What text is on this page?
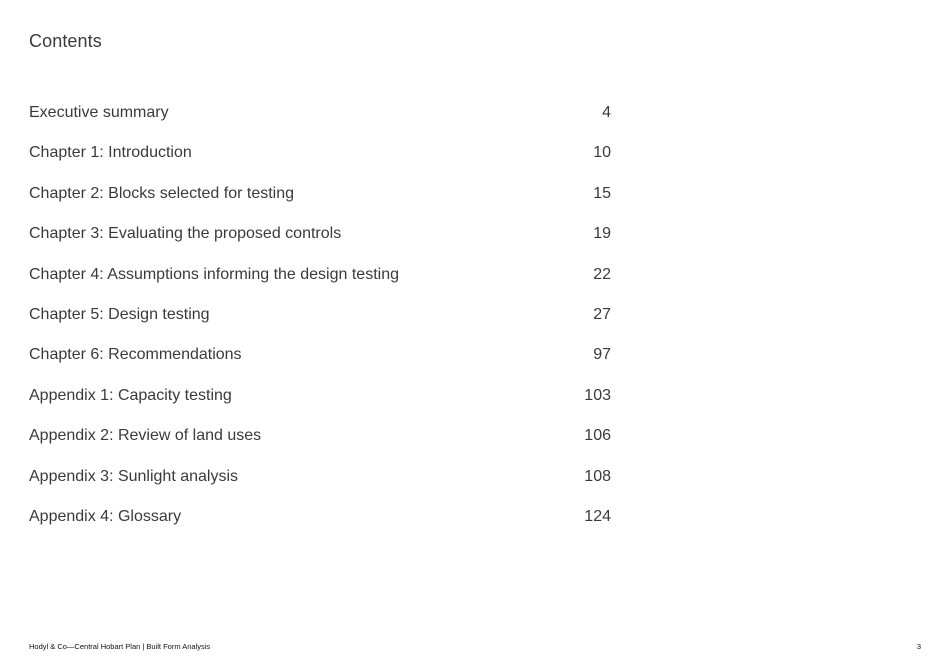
Contents
Executive summary	4
Chapter 1: Introduction	10
Chapter 2: Blocks selected for testing	15
Chapter 3: Evaluating the proposed controls	19
Chapter 4: Assumptions informing the design testing	22
Chapter 5: Design testing	27
Chapter 6: Recommendations	97
Appendix 1: Capacity testing	103
Appendix 2: Review of land uses	106
Appendix 3: Sunlight analysis	108
Appendix 4: Glossary	124
Hodyl & Co—Central Hobart Plan | Built Form Analysis	3
